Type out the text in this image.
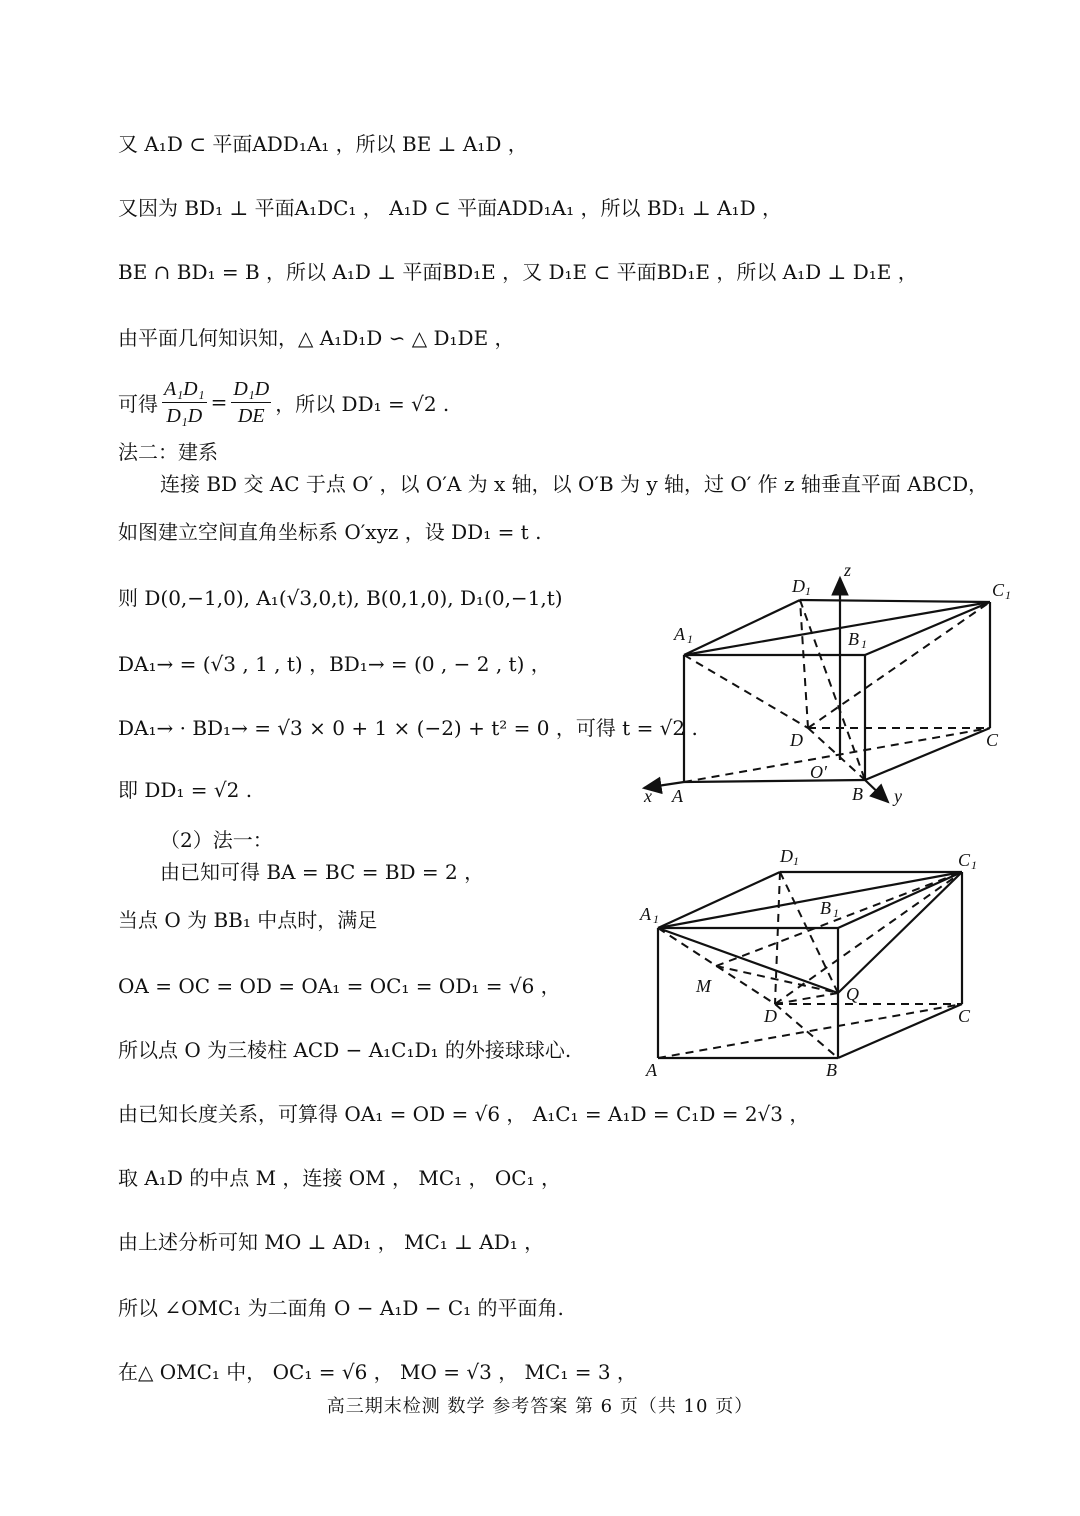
又 A₁D ⊂ 平面ADD₁A₁ ，所以 BE ⊥ A₁D ，
又因为 BD₁ ⊥ 平面A₁DC₁ ， A₁D ⊂ 平面ADD₁A₁ ，所以 BD₁ ⊥ A₁D ，
BE ∩ BD₁ = B ，所以 A₁D ⊥ 平面BD₁E ，又 D₁E ⊂ 平面BD₁E ，所以 A₁D ⊥ D₁E ，
由平面几何知识知，△ A₁D₁D ∽ △ D₁DE ，
可得 $\frac{\text{A₁D₁}}{\text{D₁D}} = \frac{\text{D₁D}}{DE}$ ，所以 DD₁ = √2 .
法二：建系
连接 BD 交 AC 于点 O′ ，以 O′A 为 x 轴，以 O′B 为 y 轴，过 O′ 作 z 轴垂直平面 ABCD，
如图建立空间直角坐标系 O′xyz ，设 DD₁ = t .
则 D(0,−1,0), A₁(√3,0,t), B(0,1,0), D₁(0,−1,t)
DA₁→ = (√3 , 1 , t) ，BD₁→ = (0 , − 2 , t) ，
DA₁→ · BD₁→ = √3 × 0 + 1 × (−2) + t² = 0 ，可得 t = √2 .
即 DD₁ = √2 .
（2）法一：
由已知可得 BA = BC = BD = 2 ，
当点 O 为 BB₁ 中点时，满足
OA = OC = OD = OA₁ = OC₁ = OD₁ = √6 ，
所以点 O 为三棱柱 ACD − A₁C₁D₁ 的外接球球心.
由已知长度关系，可算得 OA₁ = OD = √6 ， A₁C₁ = A₁D = C₁D = 2√3 ，
取 A₁D 的中点 M ，连接 OM ， MC₁ ， OC₁ ，
由上述分析可知 MO ⊥ AD₁ ， MC₁ ⊥ AD₁ ，
所以 ∠OMC₁ 为二面角 O − A₁D − C₁ 的平面角.
在△ OMC₁ 中， OC₁ = √6 ， MO = √3 ， MC₁ = 3 ，
D 1
z
C 1
A 1	B 1
D	C
O′
x A	B y
D 1	C 1
A 1
B 1
M	Q
D	C
A	B
高三期末检测 数学 参考答案 第 6 页（共 10 页）
